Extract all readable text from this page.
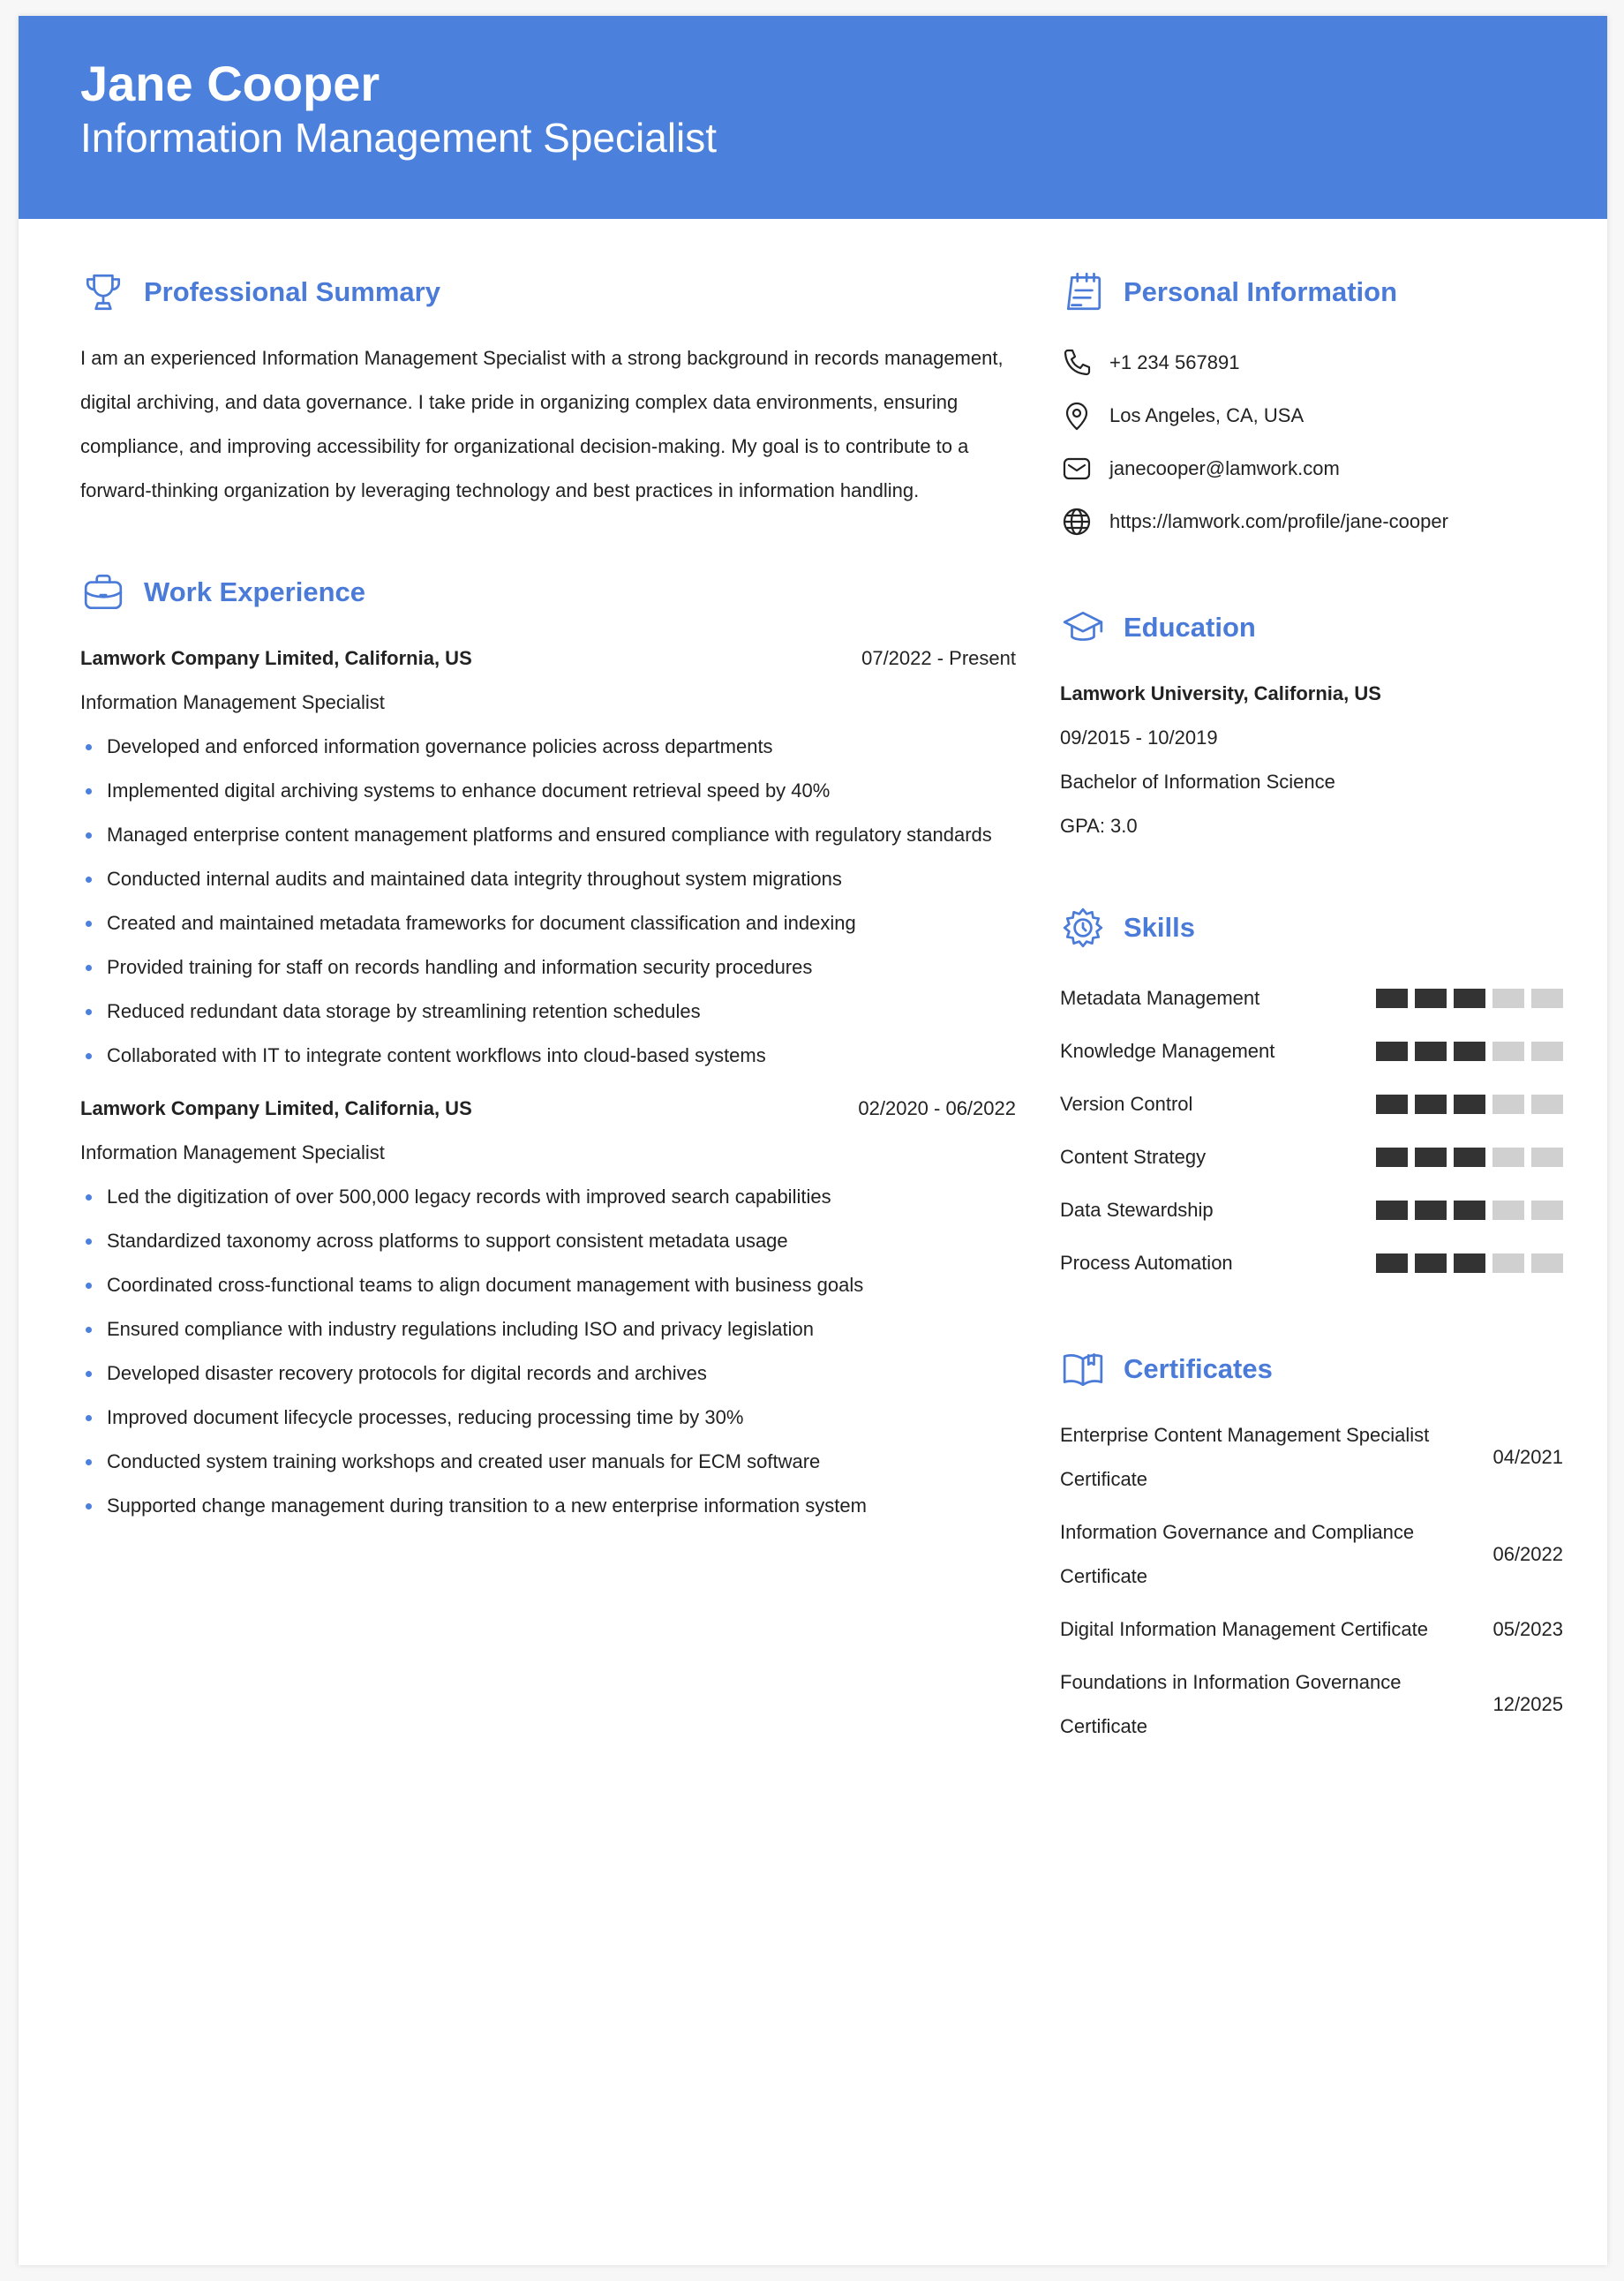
Jane Cooper
Information Management Specialist
Professional Summary

I am an experienced Information Management Specialist with a strong background in records management, digital archiving, and data governance. I take pride in organizing complex data environments, ensuring compliance, and improving accessibility for organizational decision-making. My goal is to contribute to a forward-thinking organization by leveraging technology and best practices in information handling.

Work Experience
Lamwork Company Limited, California, US	07/2022 - Present
Information Management Specialist
Developed and enforced information governance policies across departments
Implemented digital archiving systems to enhance document retrieval speed by 40%
Managed enterprise content management platforms and ensured compliance with regulatory standards
Conducted internal audits and maintained data integrity throughout system migrations
Created and maintained metadata frameworks for document classification and indexing
Provided training for staff on records handling and information security procedures
Reduced redundant data storage by streamlining retention schedules
Collaborated with IT to integrate content workflows into cloud-based systems
Lamwork Company Limited, California, US	02/2020 - 06/2022
Information Management Specialist
Led the digitization of over 500,000 legacy records with improved search capabilities
Standardized taxonomy across platforms to support consistent metadata usage
Coordinated cross-functional teams to align document management with business goals
Ensured compliance with industry regulations including ISO and privacy legislation
Developed disaster recovery protocols for digital records and archives
Improved document lifecycle processes, reducing processing time by 30%
Conducted system training workshops and created user manuals for ECM software
Supported change management during transition to a new enterprise information system
Personal Information
+1 234 567891
Los Angeles, CA, USA
janecooper@lamwork.com
https://lamwork.com/profile/jane-cooper
Education
Lamwork University, California, US
09/2015 - 10/2019
Bachelor of Information Science
GPA: 3.0
Skills
Metadata Management
Knowledge Management
Version Control
Content Strategy
Data Stewardship
Process Automation
Certificates
Enterprise Content Management Specialist Certificate
04/2021
Information Governance and Compliance Certificate
06/2022
Digital Information Management Certificate	05/2023
Foundations in Information Governance Certificate
12/2025
